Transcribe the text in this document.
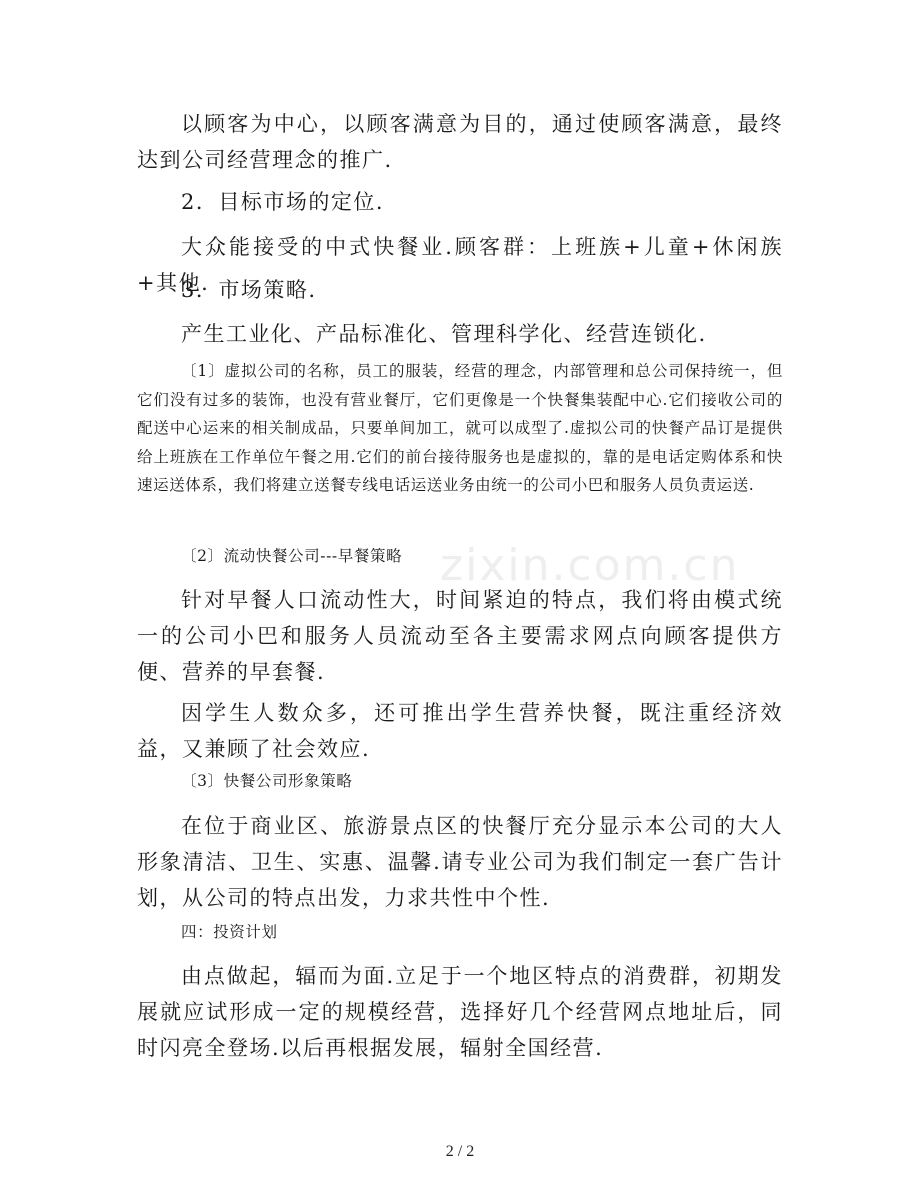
zixin.com.cn

以顾客为中心，以顾客满意为目的，通过使顾客满意，最终达到公司经营理念的推广.

2．目标市场的定位.

大众能接受的中式快餐业.顾客群：上班族+儿童+休闲族+其他.

3．市场策略.

产生工业化、产品标准化、管理科学化、经营连锁化.

〔1〕虚拟公司的名称，员工的服装，经营的理念，内部管理和总公司保持统一，但它们没有过多的装饰，也没有营业餐厅，它们更像是一个快餐集装配中心.它们接收公司的配送中心运来的相关制成品，只要单间加工，就可以成型了.虚拟公司的快餐产品订是提供给上班族在工作单位午餐之用.它们的前台接待服务也是虚拟的，靠的是电话定购体系和快速运送体系，我们将建立送餐专线电话运送业务由统一的公司小巴和服务人员负责运送.

〔2〕流动快餐公司---早餐策略

针对早餐人口流动性大，时间紧迫的特点，我们将由模式统一的公司小巴和服务人员流动至各主要需求网点向顾客提供方便、营养的早套餐.

因学生人数众多，还可推出学生营养快餐，既注重经济效益，又兼顾了社会效应.

〔3〕快餐公司形象策略

在位于商业区、旅游景点区的快餐厅充分显示本公司的大人形象清洁、卫生、实惠、温馨.请专业公司为我们制定一套广告计划，从公司的特点出发，力求共性中个性.

四：投资计划

由点做起，辐而为面.立足于一个地区特点的消费群，初期发展就应试形成一定的规模经营，选择好几个经营网点地址后，同时闪亮全登场.以后再根据发展，辐射全国经营.

2 / 2
